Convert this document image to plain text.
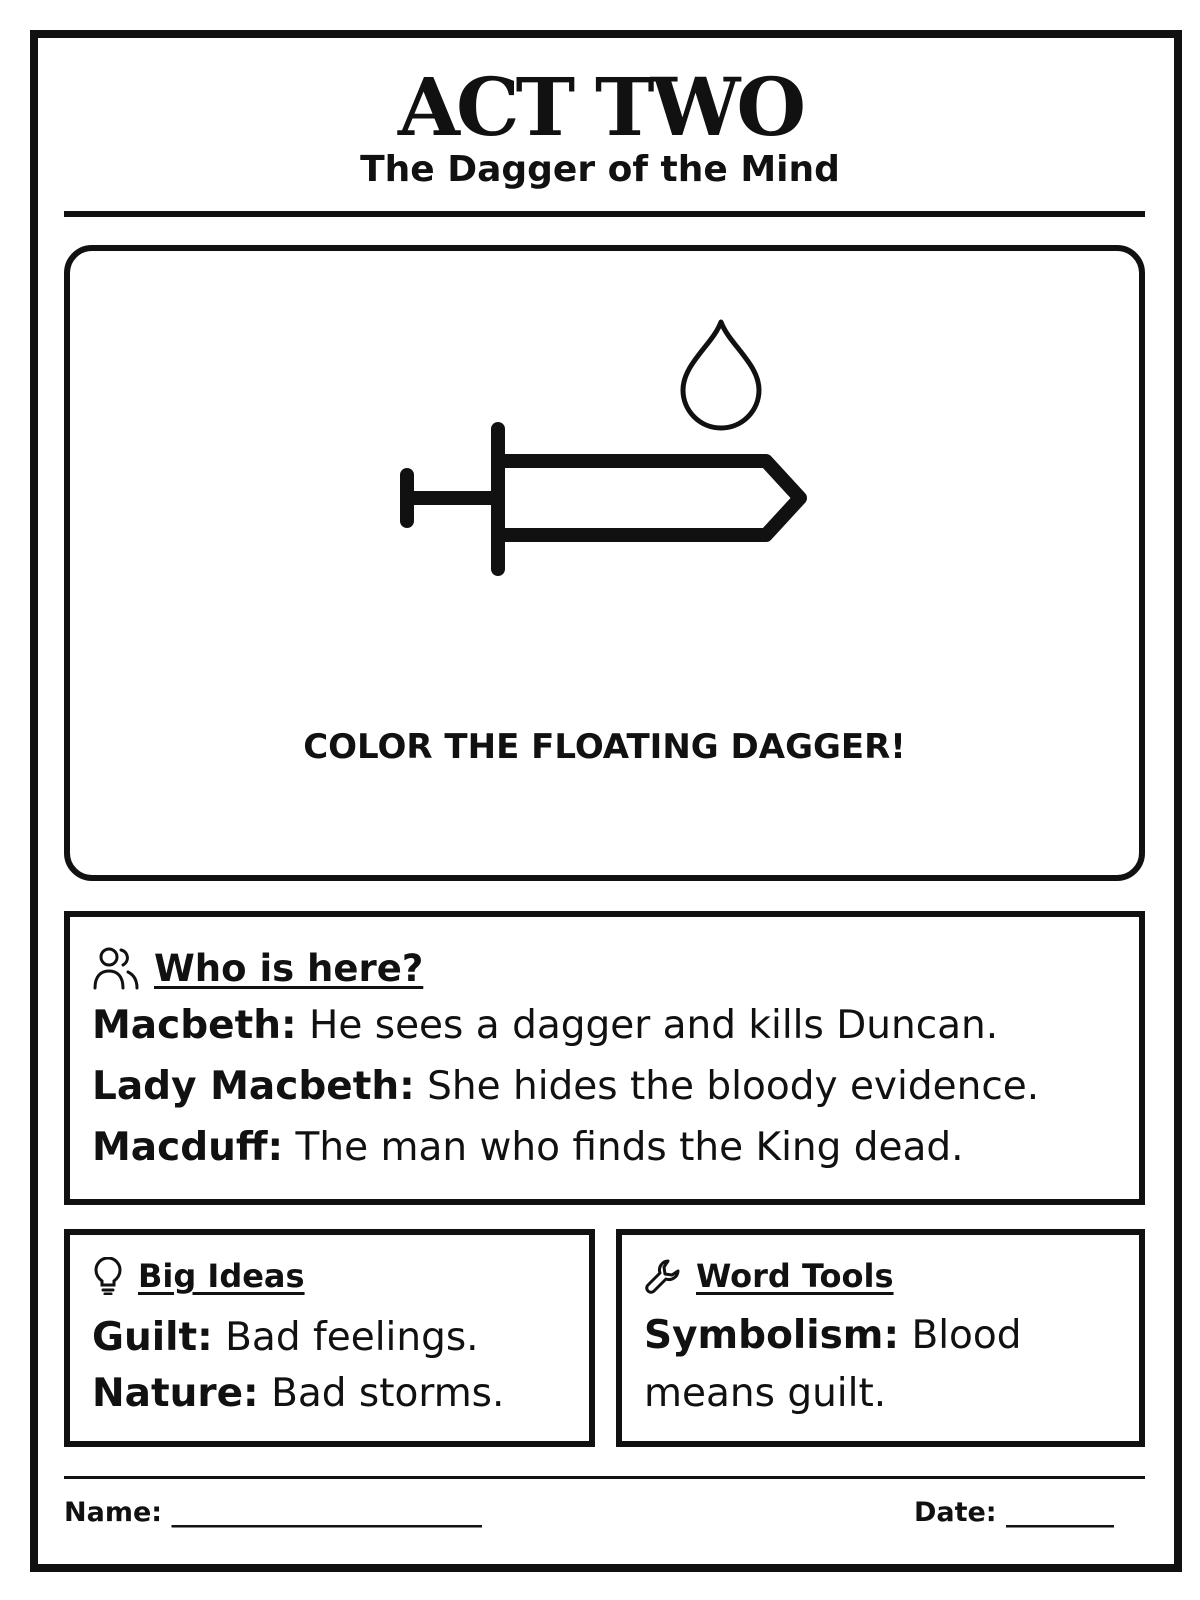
ACT TWO
The Dagger of the Mind
COLOR THE FLOATING DAGGER!
Who is here?
Macbeth: He sees a dagger and kills Duncan.
Lady Macbeth: She hides the bloody evidence.
Macduff: The man who finds the King dead.
Big Ideas
Guilt: Bad feelings.
Nature: Bad storms.
Word Tools
Symbolism: Blood means guilt.
Name: _______________________	Date: ________
